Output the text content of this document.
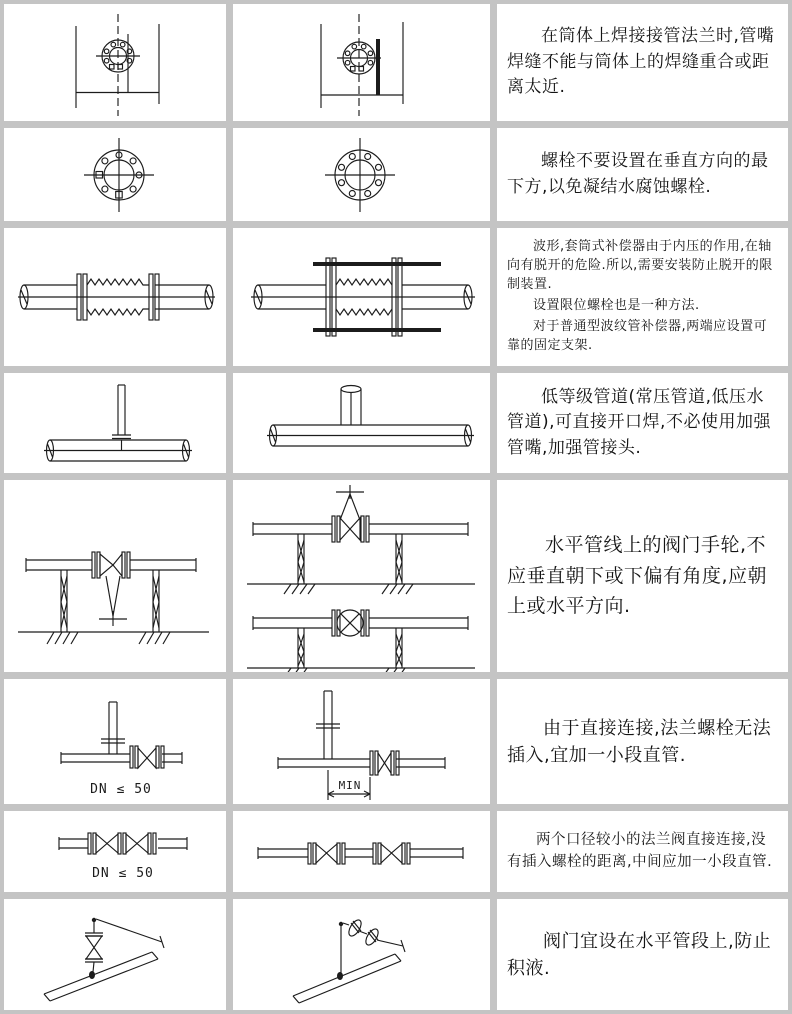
在筒体上焊接接管法兰时,管嘴焊缝不能与筒体上的焊缝重合或距离太近.

螺栓不要设置在垂直方向的最下方,以免凝结水腐蚀螺栓.

波形,套筒式补偿器由于内压的作用,在轴向有脱开的危险.所以,需要安装防止脱开的限制装置.

设置限位螺栓也是一种方法.

对于普通型波纹管补偿器,两端应设置可靠的固定支架.

低等级管道(常压管道,低压水管道),可直接开口焊,不必使用加强管嘴,加强管接头.

水平管线上的阀门手轮,不应垂直朝下或下偏有角度,应朝上或水平方向.

DN ≤ 50	MIN

由于直接连接,法兰螺栓无法插入,宜加一小段直管.

DN ≤ 50

两个口径较小的法兰阀直接连接,没有插入螺栓的距离,中间应加一小段直管.

阀门宜设在水平管段上,防止积液.
